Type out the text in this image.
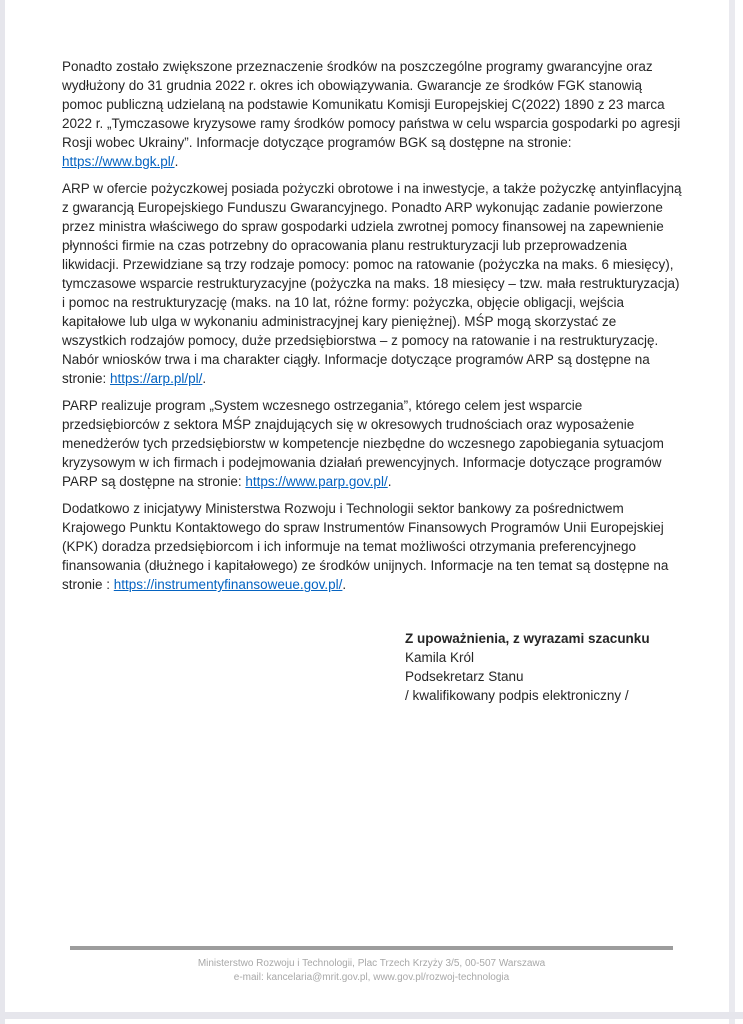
Ponadto zostało zwiększone przeznaczenie środków na poszczególne programy gwarancyjne oraz wydłużony do 31 grudnia 2022 r. okres ich obowiązywania. Gwarancje ze środków FGK stanowią pomoc publiczną udzielaną na podstawie Komunikatu Komisji Europejskiej C(2022) 1890 z 23 marca 2022 r. „Tymczasowe kryzysowe ramy środków pomocy państwa w celu wsparcia gospodarki po agresji Rosji wobec Ukrainy”. Informacje dotyczące programów BGK są dostępne na stronie: https://www.bgk.pl/.

ARP w ofercie pożyczkowej posiada pożyczki obrotowe i na inwestycje, a także pożyczkę antyinflacyjną z gwarancją Europejskiego Funduszu Gwarancyjnego. Ponadto ARP wykonując zadanie powierzone przez ministra właściwego do spraw gospodarki udziela zwrotnej pomocy finansowej na zapewnienie płynności firmie na czas potrzebny do opracowania planu restrukturyzacji lub przeprowadzenia likwidacji. Przewidziane są trzy rodzaje pomocy: pomoc na ratowanie (pożyczka na maks. 6 miesięcy), tymczasowe wsparcie restrukturyzacyjne (pożyczka na maks. 18 miesięcy – tzw. mała restrukturyzacja) i pomoc na restrukturyzację (maks. na 10 lat, różne formy: pożyczka, objęcie obligacji, wejścia kapitałowe lub ulga w wykonaniu administracyjnej kary pieniężnej). MŚP mogą skorzystać ze wszystkich rodzajów pomocy, duże przedsiębiorstwa – z pomocy na ratowanie i na restrukturyzację. Nabór wniosków trwa i ma charakter ciągły. Informacje dotyczące programów ARP są dostępne na stronie: https://arp.pl/pl/.

PARP realizuje program „System wczesnego ostrzegania”, którego celem jest wsparcie przedsiębiorców z sektora MŚP znajdujących się w okresowych trudnościach oraz wyposażenie menedżerów tych przedsiębiorstw w kompetencje niezbędne do wczesnego zapobiegania sytuacjom kryzysowym w ich firmach i podejmowania działań prewencyjnych. Informacje dotyczące programów PARP są dostępne na stronie: https://www.parp.gov.pl/.

Dodatkowo z inicjatywy Ministerstwa Rozwoju i Technologii sektor bankowy za pośrednictwem Krajowego Punktu Kontaktowego do spraw Instrumentów Finansowych Programów Unii Europejskiej (KPK) doradza przedsiębiorcom i ich informuje na temat możliwości otrzymania preferencyjnego finansowania (dłużnego i kapitałowego) ze środków unijnych. Informacje na ten temat są dostępne na stronie : https://instrumentyfinansoweue.gov.pl/.

Z upoważnienia, z wyrazami szacunku
Kamila Król
Podsekretarz Stanu
/ kwalifikowany podpis elektroniczny /
Ministerstwo Rozwoju i Technologii, Plac Trzech Krzyży 3/5, 00-507 Warszawa
e-mail: kancelaria@mrit.gov.pl, www.gov.pl/rozwoj-technologia
